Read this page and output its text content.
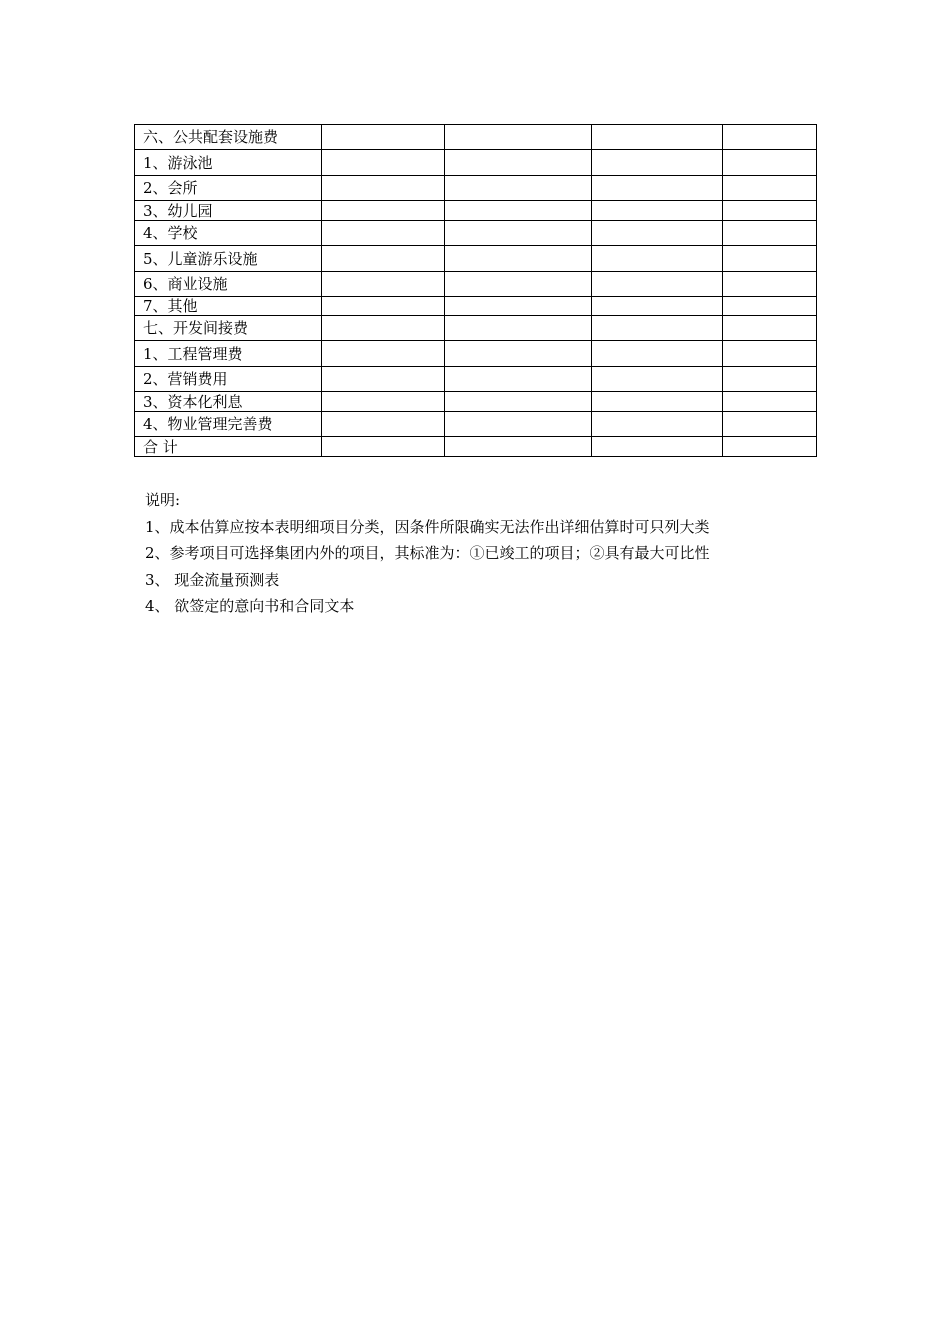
六、公共配套设施费				
1、游泳池				
2、会所				
3、幼儿园				
4、学校				
5、儿童游乐设施				
6、商业设施				
7、其他				
七、开发间接费				
1、工程管理费				
2、营销费用				
3、资本化利息				
4、物业管理完善费				
合 计				
说明:
1、成本估算应按本表明细项目分类，因条件所限确实无法作出详细估算时可只列大类
2、参考项目可选择集团内外的项目，其标准为：①已竣工的项目；②具有最大可比性
3、 现金流量预测表
4、 欲签定的意向书和合同文本
